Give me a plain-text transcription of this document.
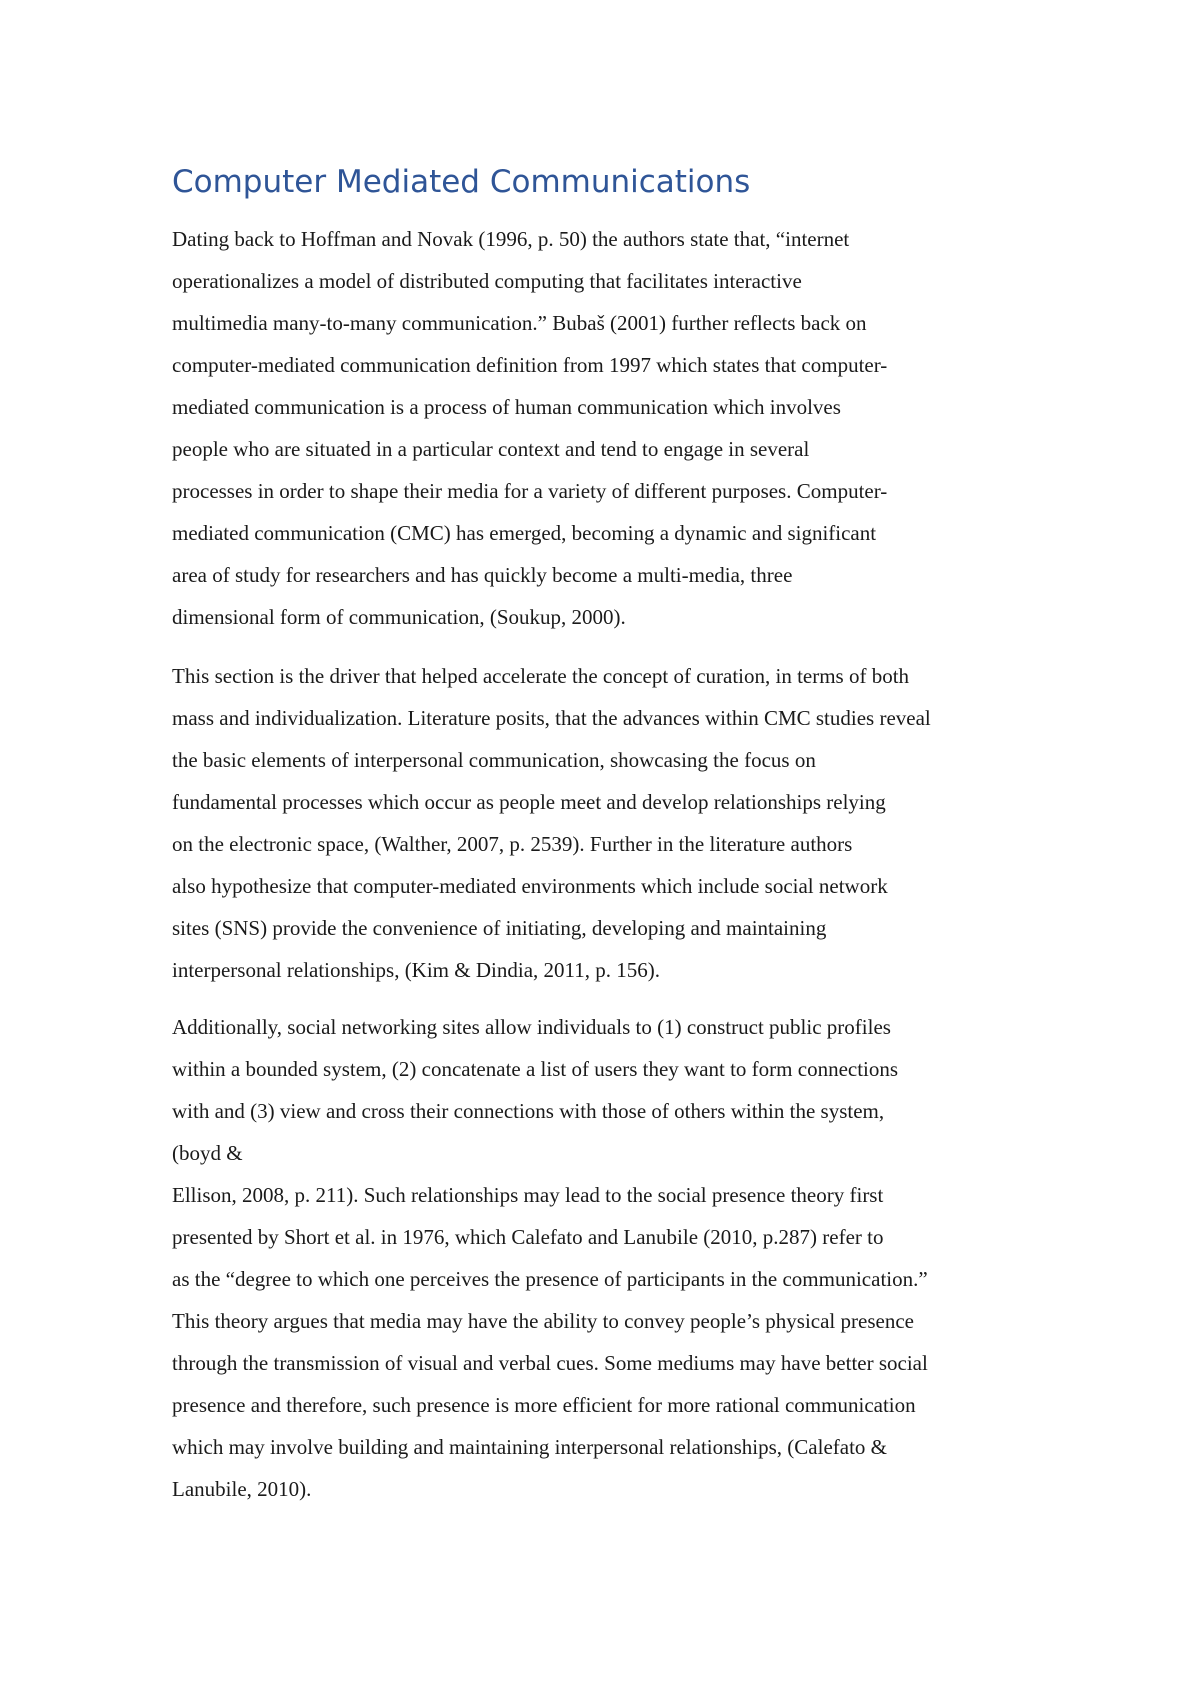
Computer Mediated Communications
Dating back to Hoffman and Novak (1996, p. 50) the authors state that, “internet
operationalizes a model of distributed computing that facilitates interactive
multimedia many-to-many communication.” Bubaš (2001) further reflects back on
computer-mediated communication definition from 1997 which states that computer-
mediated communication is a process of human communication which involves
people who are situated in a particular context and tend to engage in several
processes in order to shape their media for a variety of different purposes. Computer-
mediated communication (CMC) has emerged, becoming a dynamic and significant
area of study for researchers and has quickly become a multi-media, three
dimensional form of communication, (Soukup, 2000).
This section is the driver that helped accelerate the concept of curation, in terms of both
mass and individualization. Literature posits, that the advances within CMC studies reveal
the basic elements of interpersonal communication, showcasing the focus on
fundamental processes which occur as people meet and develop relationships relying
on the electronic space, (Walther, 2007, p. 2539). Further in the literature authors
also hypothesize that computer-mediated environments which include social network
sites (SNS) provide the convenience of initiating, developing and maintaining
interpersonal relationships, (Kim & Dindia, 2011, p. 156).
Additionally, social networking sites allow individuals to (1) construct public profiles
within a bounded system, (2) concatenate a list of users they want to form connections
with and (3) view and cross their connections with those of others within the system,
(boyd &
Ellison, 2008, p. 211). Such relationships may lead to the social presence theory first
presented by Short et al. in 1976, which Calefato and Lanubile (2010, p.287) refer to
as the “degree to which one perceives the presence of participants in the communication.”
This theory argues that media may have the ability to convey people’s physical presence
through the transmission of visual and verbal cues. Some mediums may have better social
presence and therefore, such presence is more efficient for more rational communication
which may involve building and maintaining interpersonal relationships, (Calefato &
Lanubile, 2010).
